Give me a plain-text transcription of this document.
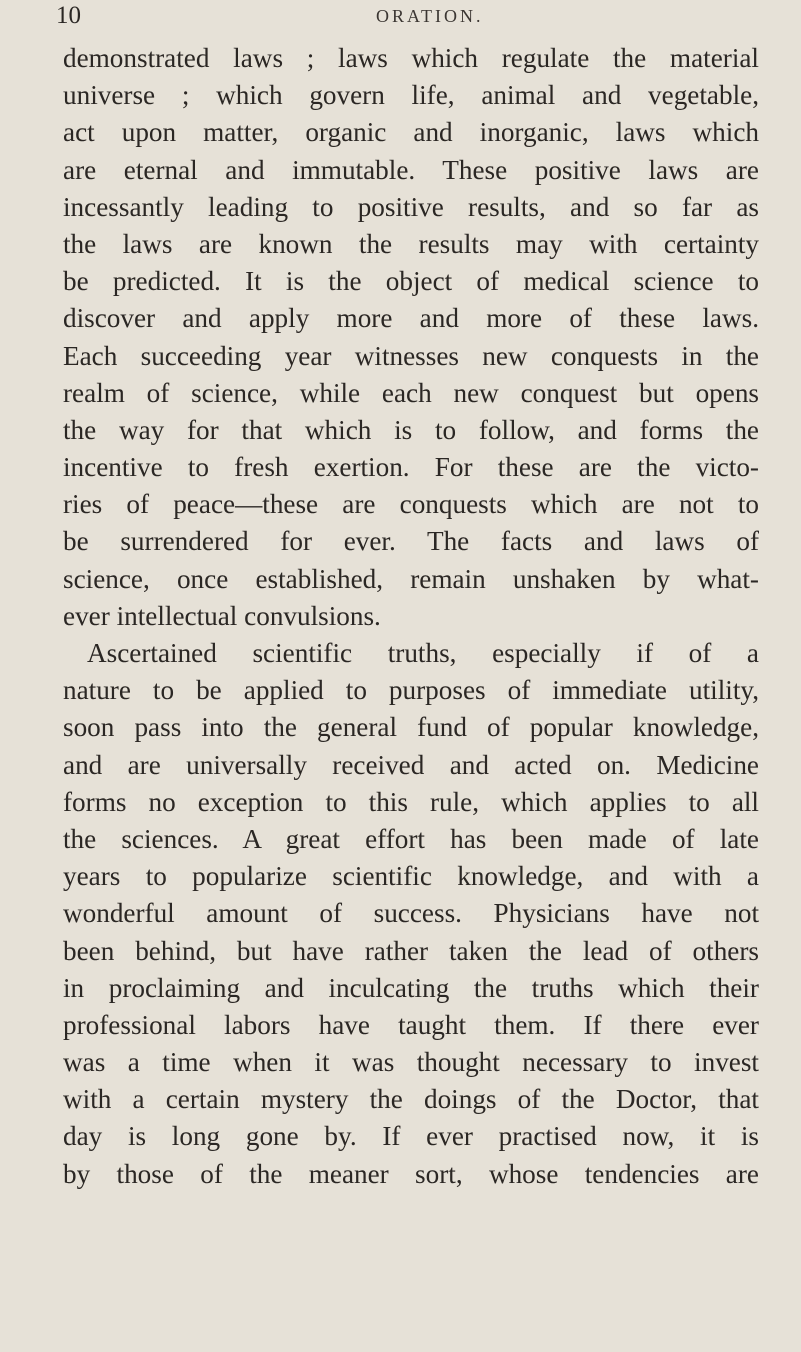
10	ORATION.
demonstrated laws ; laws which regulate the material
universe ; which govern life, animal and vegetable,
act upon matter, organic and inorganic, laws which
are eternal and immutable. These positive laws are
incessantly leading to positive results, and so far as
the laws are known the results may with certainty
be predicted. It is the object of medical science to
discover and apply more and more of these laws.
Each succeeding year witnesses new conquests in the
realm of science, while each new conquest but opens
the way for that which is to follow, and forms the
incentive to fresh exertion. For these are the victo-
ries of peace—these are conquests which are not to
be surrendered for ever. The facts and laws of
science, once established, remain unshaken by what-
ever intellectual convulsions.
Ascertained scientific truths, especially if of a
nature to be applied to purposes of immediate utility,
soon pass into the general fund of popular knowledge,
and are universally received and acted on. Medicine
forms no exception to this rule, which applies to all
the sciences. A great effort has been made of late
years to popularize scientific knowledge, and with a
wonderful amount of success. Physicians have not
been behind, but have rather taken the lead of others
in proclaiming and inculcating the truths which their
professional labors have taught them. If there ever
was a time when it was thought necessary to invest
with a certain mystery the doings of the Doctor, that
day is long gone by. If ever practised now, it is
by those of the meaner sort, whose tendencies are
